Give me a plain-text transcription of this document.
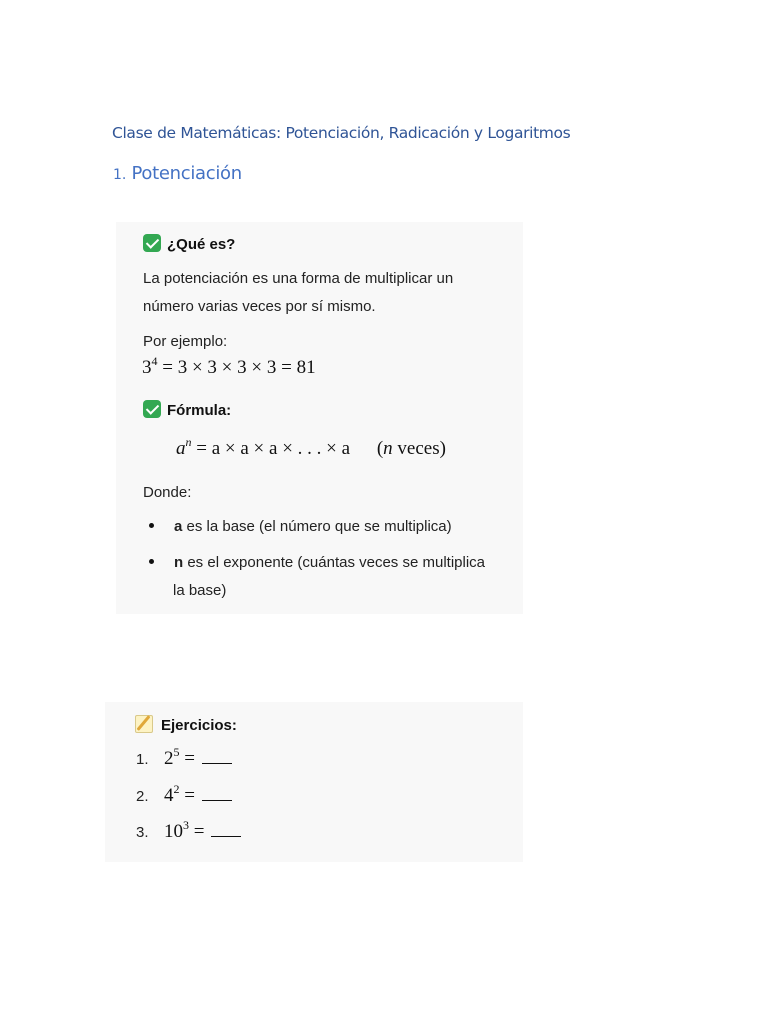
Clase de Matemáticas: Potenciación, Radicación y Logaritmos
1. Potenciación
¿Qué es?
La potenciación es una forma de multiplicar un
número varias veces por sí mismo.
Por ejemplo:
$3^4 = 3 \times 3 \times 3 \times 3 = 81$
Fórmula:
$a^n = a \times a \times a$ × . . . × a (n veces)
Donde:
a es la base (el número que se multiplica)
n es el exponente (cuántas veces se multiplica
la base)
Ejercicios:
1. $2^5$ =
2. $4^2$ =
3. $10^3$ =
